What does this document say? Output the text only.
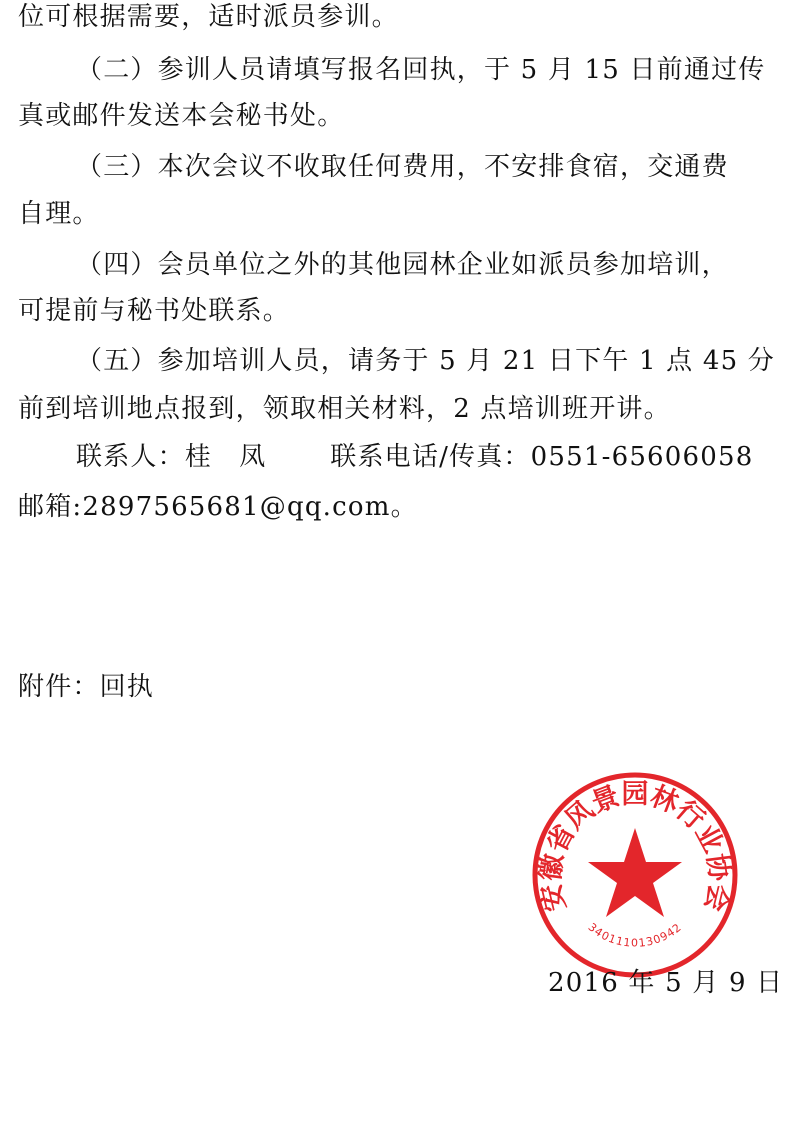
位可根据需要，适时派员参训。
（二）参训人员请填写报名回执，于 5 月 15 日前通过传
真或邮件发送本会秘书处。
（三）本次会议不收取任何费用，不安排食宿，交通费
自理。
（四）会员单位之外的其他园林企业如派员参加培训，
可提前与秘书处联系。
（五）参加培训人员，请务于 5 月 21 日下午 1 点 45 分
前到培训地点报到，领取相关材料，2 点培训班开讲。
联系人：桂　凤　　 联系电话/传真：0551-65606058
邮箱:2897565681@qq.com。
附件：回执
安徽省风景园林行业协会
3401110130942
2016 年 5 月 9 日
